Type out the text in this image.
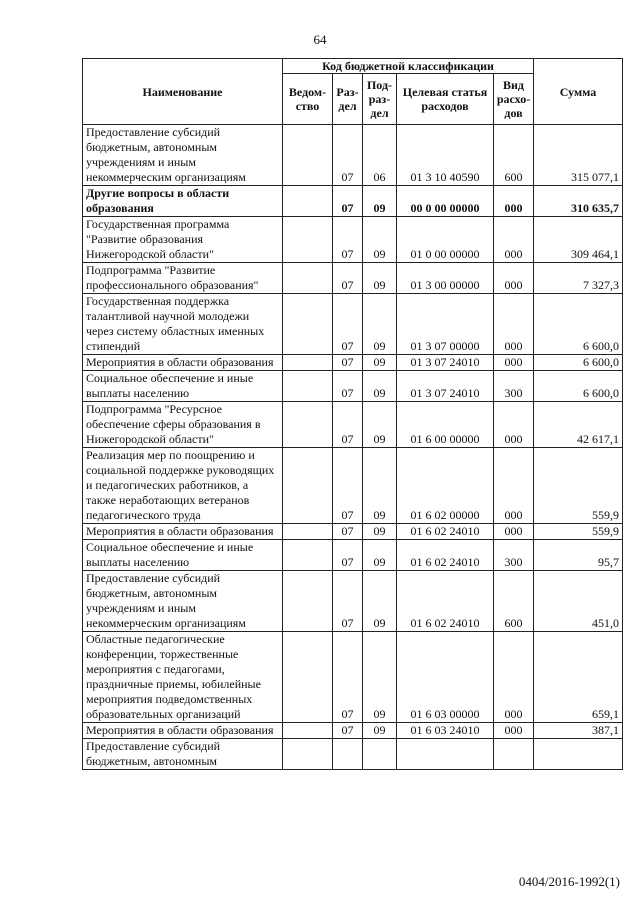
64
Наименование	Код бюджетной классификации					Сумма
	Ведом-ство	Раз-дел	Под-раз-дел	Целевая статья расходов	Вид расхо-дов	
Предоставление субсидий бюджетным, автономным учреждениям и иным некоммерческим организациям		07	06	01 3 10 40590	600	315 077,1
Другие вопросы в области образования		07	09	00 0 00 00000	000	310 635,7
Государственная программа "Развитие образования Нижегородской области"		07	09	01 0 00 00000	000	309 464,1
Подпрограмма "Развитие профессионального образования"		07	09	01 3 00 00000	000	7 327,3
Государственная поддержка талантливой научной молодежи через систему областных именных стипендий		07	09	01 3 07 00000	000	6 600,0
Мероприятия в области образования		07	09	01 3 07 24010	000	6 600,0
Социальное обеспечение и иные выплаты населению		07	09	01 3 07 24010	300	6 600,0
Подпрограмма "Ресурсное обеспечение сферы образования в Нижегородской области"		07	09	01 6 00 00000	000	42 617,1
Реализация мер по поощрению и социальной поддержке руководящих и педагогических работников, а также неработающих ветеранов педагогического труда		07	09	01 6 02 00000	000	559,9
Мероприятия в области образования		07	09	01 6 02 24010	000	559,9
Социальное обеспечение и иные выплаты населению		07	09	01 6 02 24010	300	95,7
Предоставление субсидий бюджетным, автономным учреждениям и иным некоммерческим организациям		07	09	01 6 02 24010	600	451,0
Областные педагогические конференции, торжественные мероприятия с педагогами, праздничные приемы, юбилейные мероприятия подведомственных образовательных организаций		07	09	01 6 03 00000	000	659,1
Мероприятия в области образования		07	09	01 6 03 24010	000	387,1
Предоставление субсидий бюджетным, автономным						
0404/2016-1992(1)
